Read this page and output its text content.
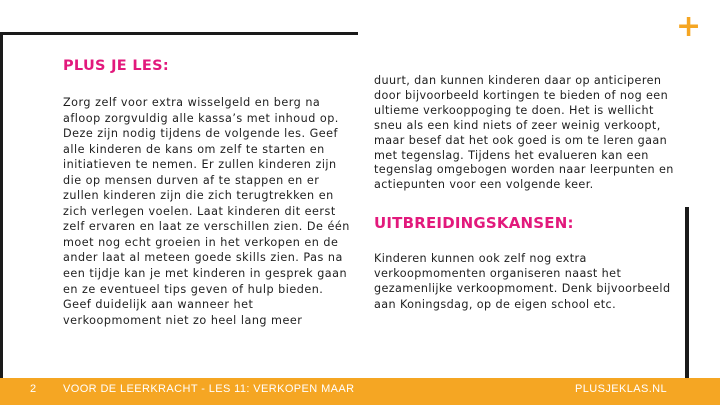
+
PLUS JE LES:

Zorg zelf voor extra wisselgeld en berg na afloop zorgvuldig alle kassa’s met inhoud op. Deze zijn nodig tijdens de volgende les. Geef alle kinderen de kans om zelf te starten en initiatieven te nemen. Er zullen kinderen zijn die op mensen durven af te stappen en er zullen kinderen zijn die zich terugtrekken en zich verlegen voelen. Laat kinderen dit eerst zelf ervaren en laat ze verschillen zien. De één moet nog echt groeien in het verkopen en de ander laat al meteen goede skills zien. Pas na een tijdje kan je met kinderen in gesprek gaan en ze eventueel tips geven of hulp bieden.

Geef duidelijk aan wanneer het verkoopmoment niet zo heel lang meer

duurt, dan kunnen kinderen daar op anticiperen door bijvoorbeeld kortingen te bieden of nog een ultieme verkooppoging te doen. Het is wellicht sneu als een kind niets of zeer weinig verkoopt, maar besef dat het ook goed is om te leren gaan met tegenslag. Tijdens het evalueren kan een tegenslag omgebogen worden naar leerpunten en actiepunten voor een volgende keer.
UITBREIDINGSKANSEN:
Kinderen kunnen ook zelf nog extra verkoopmomenten organiseren naast het gezamenlijke verkoopmoment. Denk bijvoorbeeld aan Koningsdag, op de eigen school etc.
2 VOOR DE LEERKRACHT - LES 11: VERKOPEN MAAR	PLUSJEKLAS.NL
